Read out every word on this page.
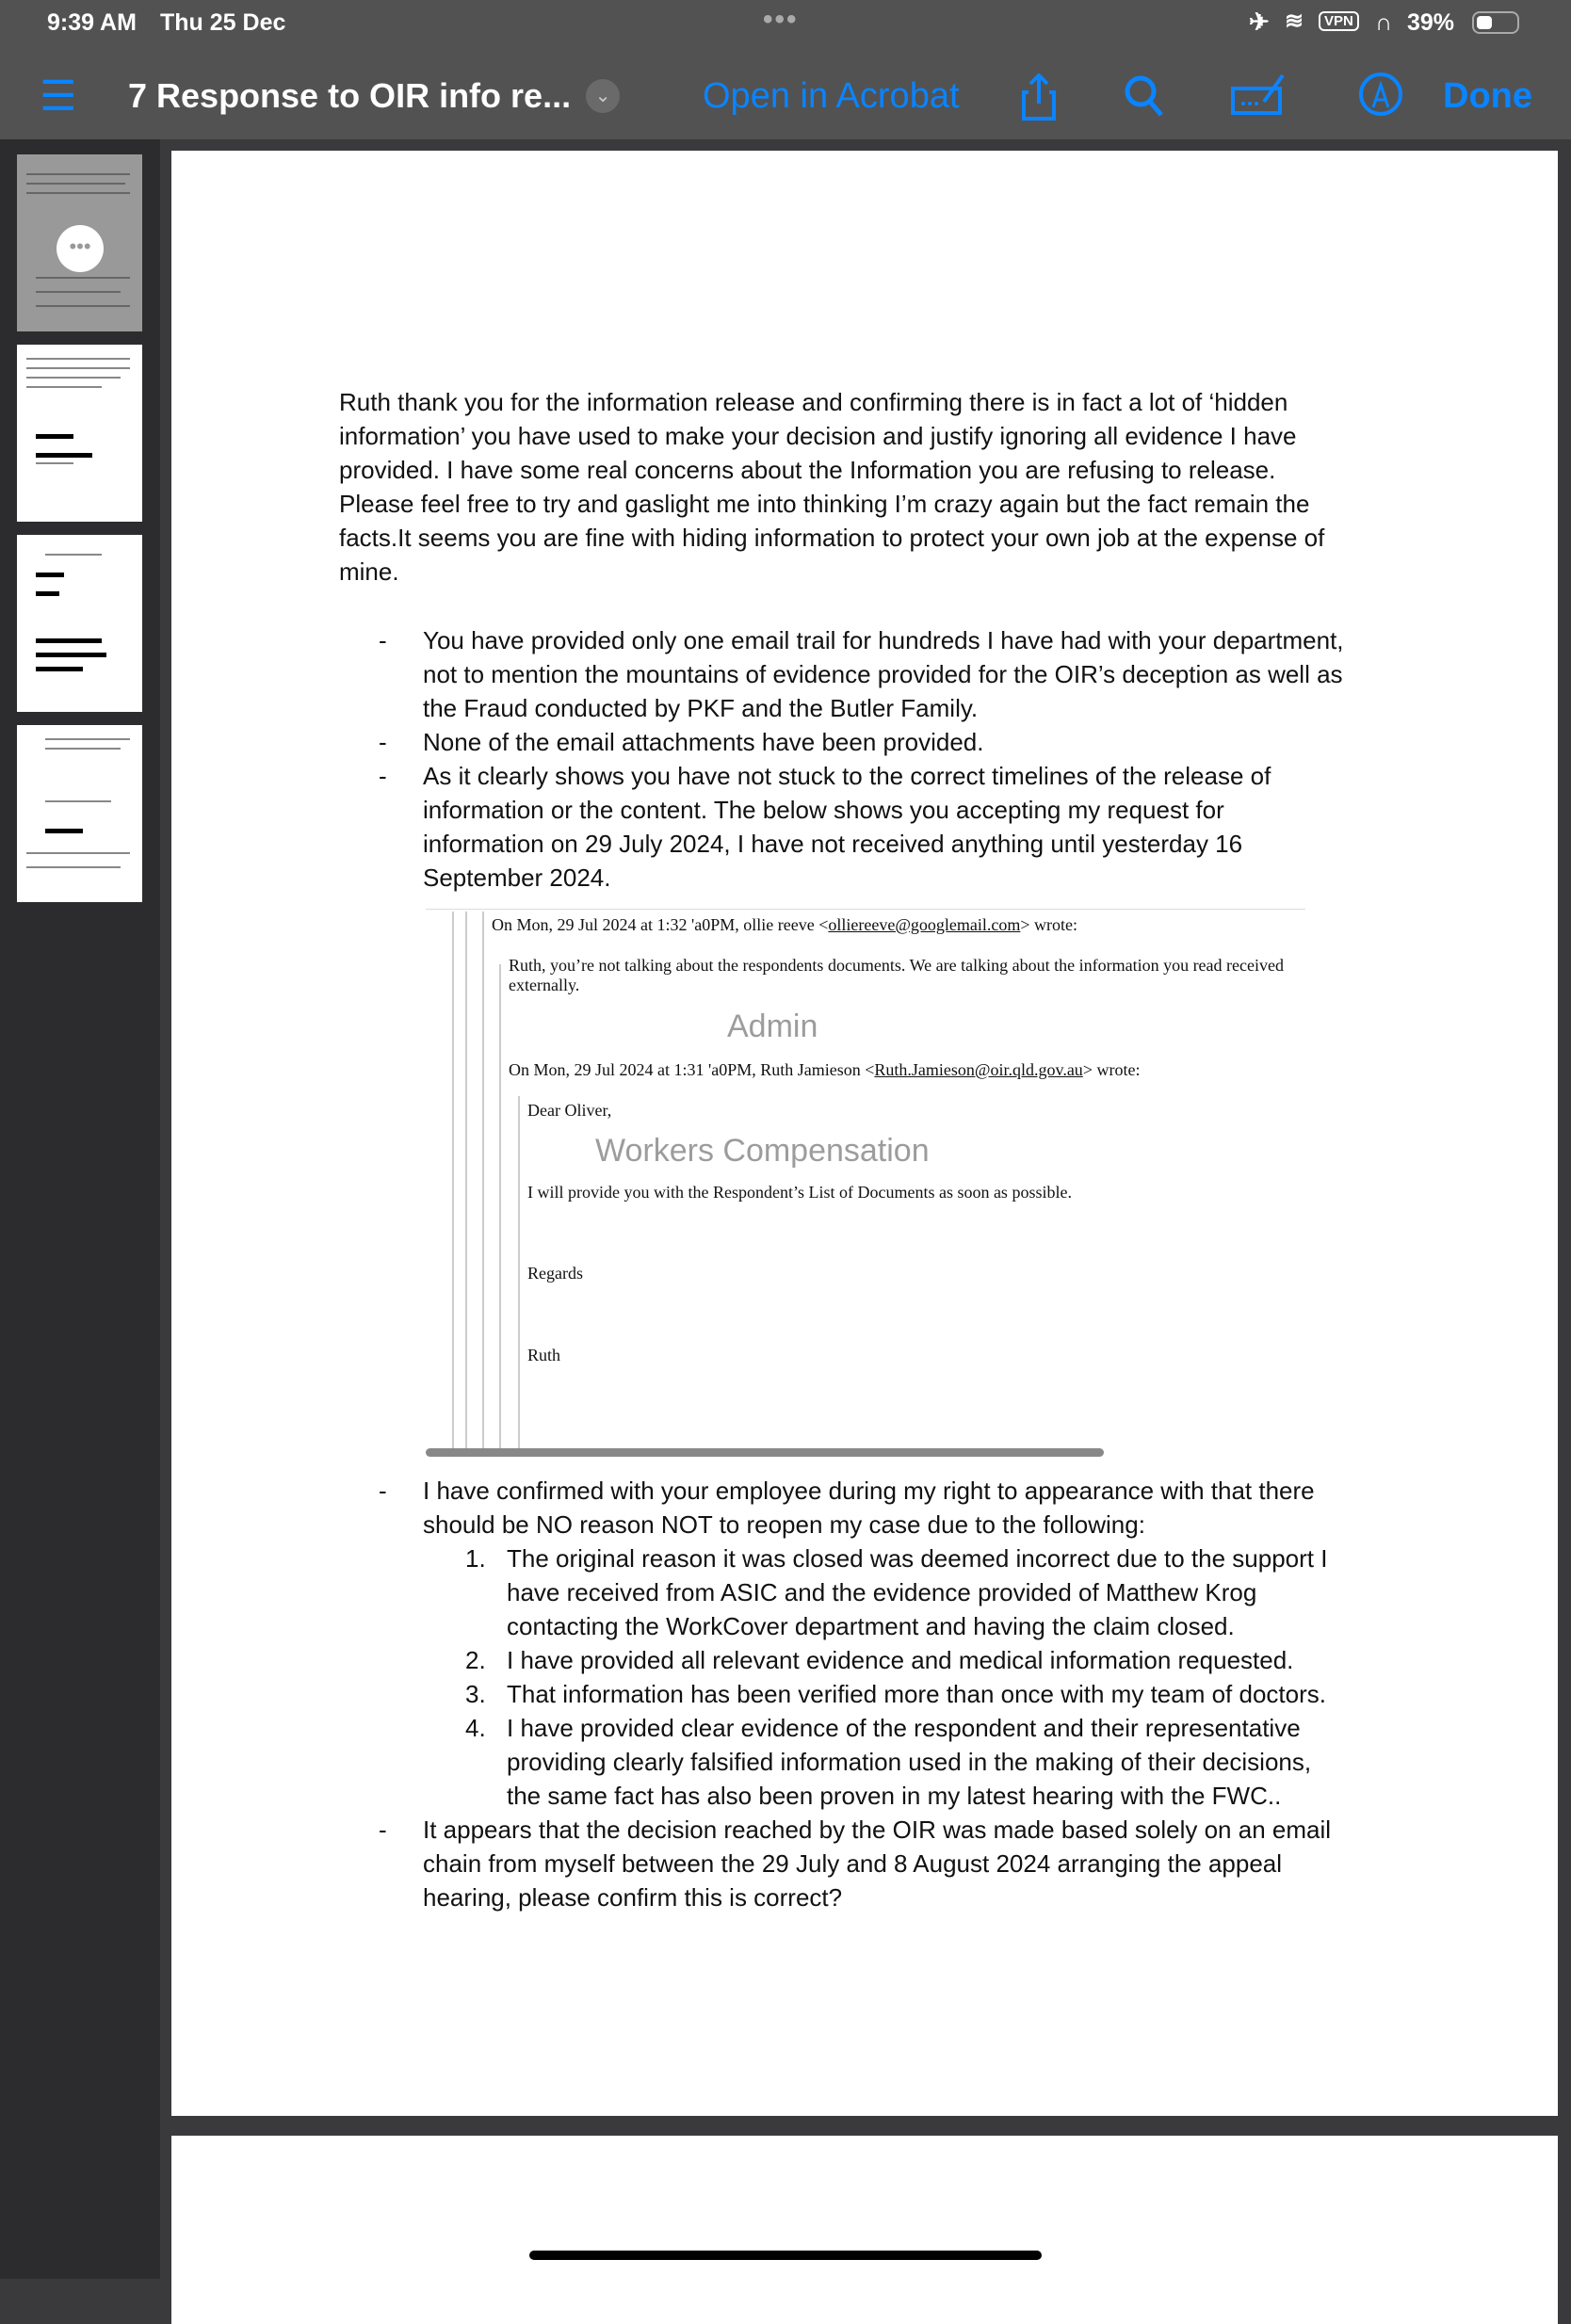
9:39 AM Thu 25 Dec	•••	✈ ≋	VPN ∩ 39%
☰ 7 Response to OIR info re...	⌄	Open in Acrobat	Done
•••
Ruth thank you for the information release and confirming there is in fact a lot of ‘hidden
information’ you have used to make your decision and justify ignoring all evidence I have
provided. I have some real concerns about the Information you are refusing to release.
Please feel free to try and gaslight me into thinking I’m crazy again but the fact remain the
facts.It seems you are fine with hiding information to protect your own job at the expense of
mine.
- You have provided only one email trail for hundreds I have had with your department,
not to mention the mountains of evidence provided for the OIR’s deception as well as
the Fraud conducted by PKF and the Butler Family.
- None of the email attachments have been provided.
- As it clearly shows you have not stuck to the correct timelines of the release of
information or the content. The below shows you accepting my request for
information on 29 July 2024, I have not received anything until yesterday 16
September 2024.
On Mon, 29 Jul 2024 at 1:32 'a0PM, ollie reeve <olliereeve@googlemail.com> wrote:
Ruth, you’re not talking about the respondents documents. We are talking about the information you read received
externally.
Admin
On Mon, 29 Jul 2024 at 1:31 'a0PM, Ruth Jamieson <Ruth.Jamieson@oir.qld.gov.au> wrote:
Dear Oliver,
Workers Compensation
I will provide you with the Respondent’s List of Documents as soon as possible.
Regards
Ruth
- I have confirmed with your employee during my right to appearance with that there
should be NO reason NOT to reopen my case due to the following:
1. The original reason it was closed was deemed incorrect due to the support I
have received from ASIC and the evidence provided of Matthew Krog
contacting the WorkCover department and having the claim closed.
2. I have provided all relevant evidence and medical information requested.
3. That information has been verified more than once with my team of doctors.
4. I have provided clear evidence of the respondent and their representative
providing clearly falsified information used in the making of their decisions,
the same fact has also been proven in my latest hearing with the FWC..
- It appears that the decision reached by the OIR was made based solely on an email
chain from myself between the 29 July and 8 August 2024 arranging the appeal
hearing, please confirm this is correct?
